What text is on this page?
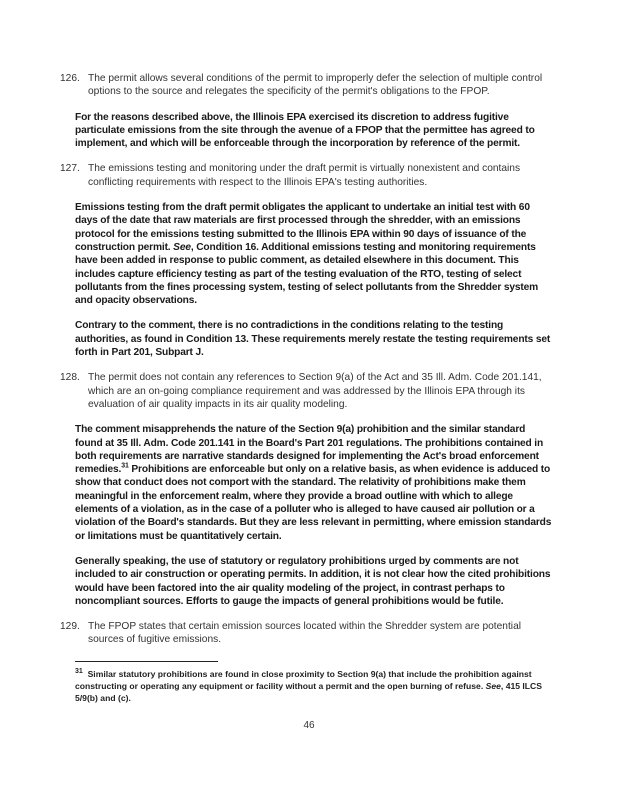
126. The permit allows several conditions of the permit to improperly defer the selection of multiple control options to the source and relegates the specificity of the permit's obligations to the FPOP.
For the reasons described above, the Illinois EPA exercised its discretion to address fugitive particulate emissions from the site through the avenue of a FPOP that the permittee has agreed to implement, and which will be enforceable through the incorporation by reference of the permit.
127. The emissions testing and monitoring under the draft permit is virtually nonexistent and contains conflicting requirements with respect to the Illinois EPA's testing authorities.
Emissions testing from the draft permit obligates the applicant to undertake an initial test with 60 days of the date that raw materials are first processed through the shredder, with an emissions protocol for the emissions testing submitted to the Illinois EPA within 90 days of issuance of the construction permit. See, Condition 16. Additional emissions testing and monitoring requirements have been added in response to public comment, as detailed elsewhere in this document. This includes capture efficiency testing as part of the testing evaluation of the RTO, testing of select pollutants from the fines processing system, testing of select pollutants from the Shredder system and opacity observations.
Contrary to the comment, there is no contradictions in the conditions relating to the testing authorities, as found in Condition 13. These requirements merely restate the testing requirements set forth in Part 201, Subpart J.
128. The permit does not contain any references to Section 9(a) of the Act and 35 Ill. Adm. Code 201.141, which are an on-going compliance requirement and was addressed by the Illinois EPA through its evaluation of air quality impacts in its air quality modeling.
The comment misapprehends the nature of the Section 9(a) prohibition and the similar standard found at 35 Ill. Adm. Code 201.141 in the Board's Part 201 regulations. The prohibitions contained in both requirements are narrative standards designed for implementing the Act's broad enforcement remedies.$^{31}$ Prohibitions are enforceable but only on a relative basis, as when evidence is adduced to show that conduct does not comport with the standard. The relativity of prohibitions make them meaningful in the enforcement realm, where they provide a broad outline with which to allege elements of a violation, as in the case of a polluter who is alleged to have caused air pollution or a violation of the Board's standards. But they are less relevant in permitting, where emission standards or limitations must be quantitatively certain.
Generally speaking, the use of statutory or regulatory prohibitions urged by comments are not included to air construction or operating permits. In addition, it is not clear how the cited prohibitions would have been factored into the air quality modeling of the project, in contrast perhaps to noncompliant sources. Efforts to gauge the impacts of general prohibitions would be futile.
129. The FPOP states that certain emission sources located within the Shredder system are potential sources of fugitive emissions.
$^{31}$ Similar statutory prohibitions are found in close proximity to Section 9(a) that include the prohibition against constructing or operating any equipment or facility without a permit and the open burning of refuse. See, 415 ILCS 5/9(b) and (c).
46
